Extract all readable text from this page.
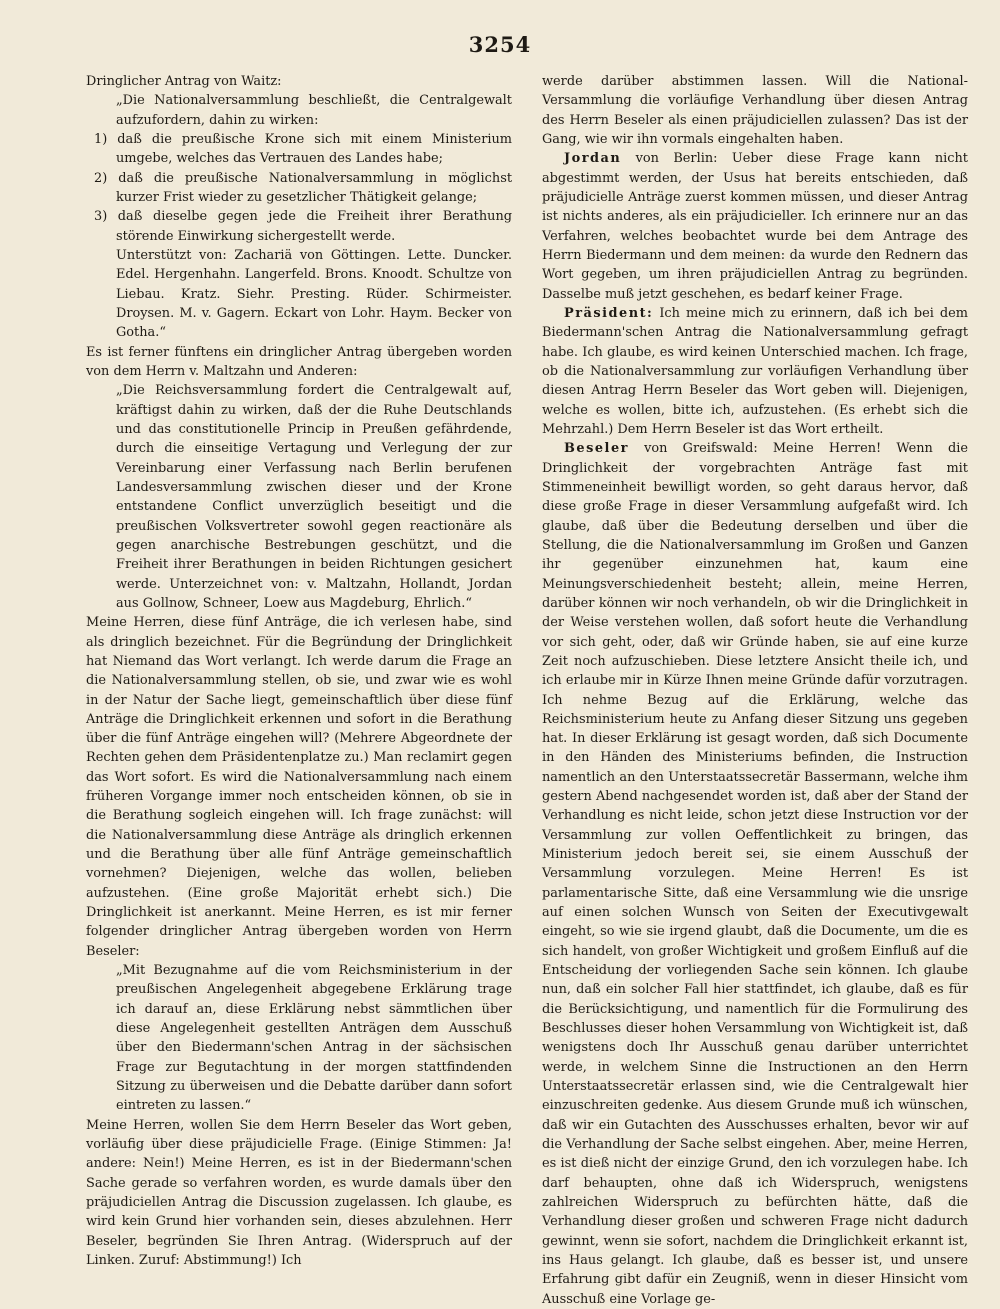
3254

Dringlicher Antrag von Waitz:

„Die Nationalversammlung beschließt, die Centralgewalt aufzufordern, dahin zu wirken:

1) daß die preußische Krone sich mit einem Ministerium umgebe, welches das Vertrauen des Landes habe;

2) daß die preußische Nationalversammlung in möglichst kurzer Frist wieder zu gesetzlicher Thätigkeit gelange;

3) daß dieselbe gegen jede die Freiheit ihrer Berathung störende Einwirkung sichergestellt werde.

Unterstützt von: Zachariä von Göttingen. Lette. Duncker. Edel. Hergenhahn. Langerfeld. Brons. Knoodt. Schultze von Liebau. Kratz. Siehr. Presting. Rüder. Schirmeister. Droysen. M. v. Gagern. Eckart von Lohr. Haym. Becker von Gotha.“

Es ist ferner fünftens ein dringlicher Antrag übergeben worden von dem Herrn v. Maltzahn und Anderen:

„Die Reichsversammlung fordert die Centralgewalt auf, kräftigst dahin zu wirken, daß der die Ruhe Deutschlands und das constitutionelle Princip in Preußen gefährdende, durch die einseitige Vertagung und Verlegung der zur Vereinbarung einer Verfassung nach Berlin berufenen Landesversammlung zwischen dieser und der Krone entstandene Conflict unverzüglich beseitigt und die preußischen Volksvertreter sowohl gegen reactionäre als gegen anarchische Bestrebungen geschützt, und die Freiheit ihrer Berathungen in beiden Richtungen gesichert werde. Unterzeichnet von: v. Maltzahn, Hollandt, Jordan aus Gollnow, Schneer, Loew aus Magdeburg, Ehrlich.“

Meine Herren, diese fünf Anträge, die ich verlesen habe, sind als dringlich bezeichnet. Für die Begründung der Dringlichkeit hat Niemand das Wort verlangt. Ich werde darum die Frage an die Nationalversammlung stellen, ob sie, und zwar wie es wohl in der Natur der Sache liegt, gemeinschaftlich über diese fünf Anträge die Dringlichkeit erkennen und sofort in die Berathung über die fünf Anträge eingehen will? (Mehrere Abgeordnete der Rechten gehen dem Präsidentenplatze zu.) Man reclamirt gegen das Wort sofort. Es wird die Nationalversammlung nach einem früheren Vorgange immer noch entscheiden können, ob sie in die Berathung sogleich eingehen will. Ich frage zunächst: will die Nationalversammlung diese Anträge als dringlich erkennen und die Berathung über alle fünf Anträge gemeinschaftlich vornehmen? Diejenigen, welche das wollen, belieben aufzustehen. (Eine große Majorität erhebt sich.) Die Dringlichkeit ist anerkannt. Meine Herren, es ist mir ferner folgender dringlicher Antrag übergeben worden von Herrn Beseler:

„Mit Bezugnahme auf die vom Reichsministerium in der preußischen Angelegenheit abgegebene Erklärung trage ich darauf an, diese Erklärung nebst sämmtlichen über diese Angelegenheit gestellten Anträgen dem Ausschuß über den Biedermann'schen Antrag in der sächsischen Frage zur Begutachtung in der morgen stattfindenden Sitzung zu überweisen und die Debatte darüber dann sofort eintreten zu lassen.“

Meine Herren, wollen Sie dem Herrn Beseler das Wort geben, vorläufig über diese präjudicielle Frage. (Einige Stimmen: Ja! andere: Nein!) Meine Herren, es ist in der Biedermann'schen Sache gerade so verfahren worden, es wurde damals über den präjudiciellen Antrag die Discussion zugelassen. Ich glaube, es wird kein Grund hier vorhanden sein, dieses abzulehnen. Herr Beseler, begründen Sie Ihren Antrag. (Widerspruch auf der Linken. Zuruf: Abstimmung!) Ich

werde darüber abstimmen lassen. Will die National-Versammlung die vorläufige Verhandlung über diesen Antrag des Herrn Beseler als einen präjudiciellen zulassen? Das ist der Gang, wie wir ihn vormals eingehalten haben.

Jordan von Berlin: Ueber diese Frage kann nicht abgestimmt werden, der Usus hat bereits entschieden, daß präjudicielle Anträge zuerst kommen müssen, und dieser Antrag ist nichts anderes, als ein präjudicieller. Ich erinnere nur an das Verfahren, welches beobachtet wurde bei dem Antrage des Herrn Biedermann und dem meinen: da wurde den Rednern das Wort gegeben, um ihren präjudiciellen Antrag zu begründen. Dasselbe muß jetzt geschehen, es bedarf keiner Frage.

Präsident: Ich meine mich zu erinnern, daß ich bei dem Biedermann'schen Antrag die Nationalversammlung gefragt habe. Ich glaube, es wird keinen Unterschied machen. Ich frage, ob die Nationalversammlung zur vorläufigen Verhandlung über diesen Antrag Herrn Beseler das Wort geben will. Diejenigen, welche es wollen, bitte ich, aufzustehen. (Es erhebt sich die Mehrzahl.) Dem Herrn Beseler ist das Wort ertheilt.

Beseler von Greifswald: Meine Herren! Wenn die Dringlichkeit der vorgebrachten Anträge fast mit Stimmeneinheit bewilligt worden, so geht daraus hervor, daß diese große Frage in dieser Versammlung aufgefaßt wird. Ich glaube, daß über die Bedeutung derselben und über die Stellung, die die Nationalversammlung im Großen und Ganzen ihr gegenüber einzunehmen hat, kaum eine Meinungsverschiedenheit besteht; allein, meine Herren, darüber können wir noch verhandeln, ob wir die Dringlichkeit in der Weise verstehen wollen, daß sofort heute die Verhandlung vor sich geht, oder, daß wir Gründe haben, sie auf eine kurze Zeit noch aufzuschieben. Diese letztere Ansicht theile ich, und ich erlaube mir in Kürze Ihnen meine Gründe dafür vorzutragen. Ich nehme Bezug auf die Erklärung, welche das Reichsministerium heute zu Anfang dieser Sitzung uns gegeben hat. In dieser Erklärung ist gesagt worden, daß sich Documente in den Händen des Ministeriums befinden, die Instruction namentlich an den Unterstaatssecretär Bassermann, welche ihm gestern Abend nachgesendet worden ist, daß aber der Stand der Verhandlung es nicht leide, schon jetzt diese Instruction vor der Versammlung zur vollen Oeffentlichkeit zu bringen, das Ministerium jedoch bereit sei, sie einem Ausschuß der Versammlung vorzulegen. Meine Herren! Es ist parlamentarische Sitte, daß eine Versammlung wie die unsrige auf einen solchen Wunsch von Seiten der Executivgewalt eingeht, so wie sie irgend glaubt, daß die Documente, um die es sich handelt, von großer Wichtigkeit und großem Einfluß auf die Entscheidung der vorliegenden Sache sein können. Ich glaube nun, daß ein solcher Fall hier stattfindet, ich glaube, daß es für die Berücksichtigung, und namentlich für die Formulirung des Beschlusses dieser hohen Versammlung von Wichtigkeit ist, daß wenigstens doch Ihr Ausschuß genau darüber unterrichtet werde, in welchem Sinne die Instructionen an den Herrn Unterstaatssecretär erlassen sind, wie die Centralgewalt hier einzuschreiten gedenke. Aus diesem Grunde muß ich wünschen, daß wir ein Gutachten des Ausschusses erhalten, bevor wir auf die Verhandlung der Sache selbst eingehen. Aber, meine Herren, es ist dieß nicht der einzige Grund, den ich vorzulegen habe. Ich darf behaupten, ohne daß ich Widerspruch, wenigstens zahlreichen Widerspruch zu befürchten hätte, daß die Verhandlung dieser großen und schweren Frage nicht dadurch gewinnt, wenn sie sofort, nachdem die Dringlichkeit erkannt ist, ins Haus gelangt. Ich glaube, daß es besser ist, und unsere Erfahrung gibt dafür ein Zeugniß, wenn in dieser Hinsicht vom Ausschuß eine Vorlage ge-
